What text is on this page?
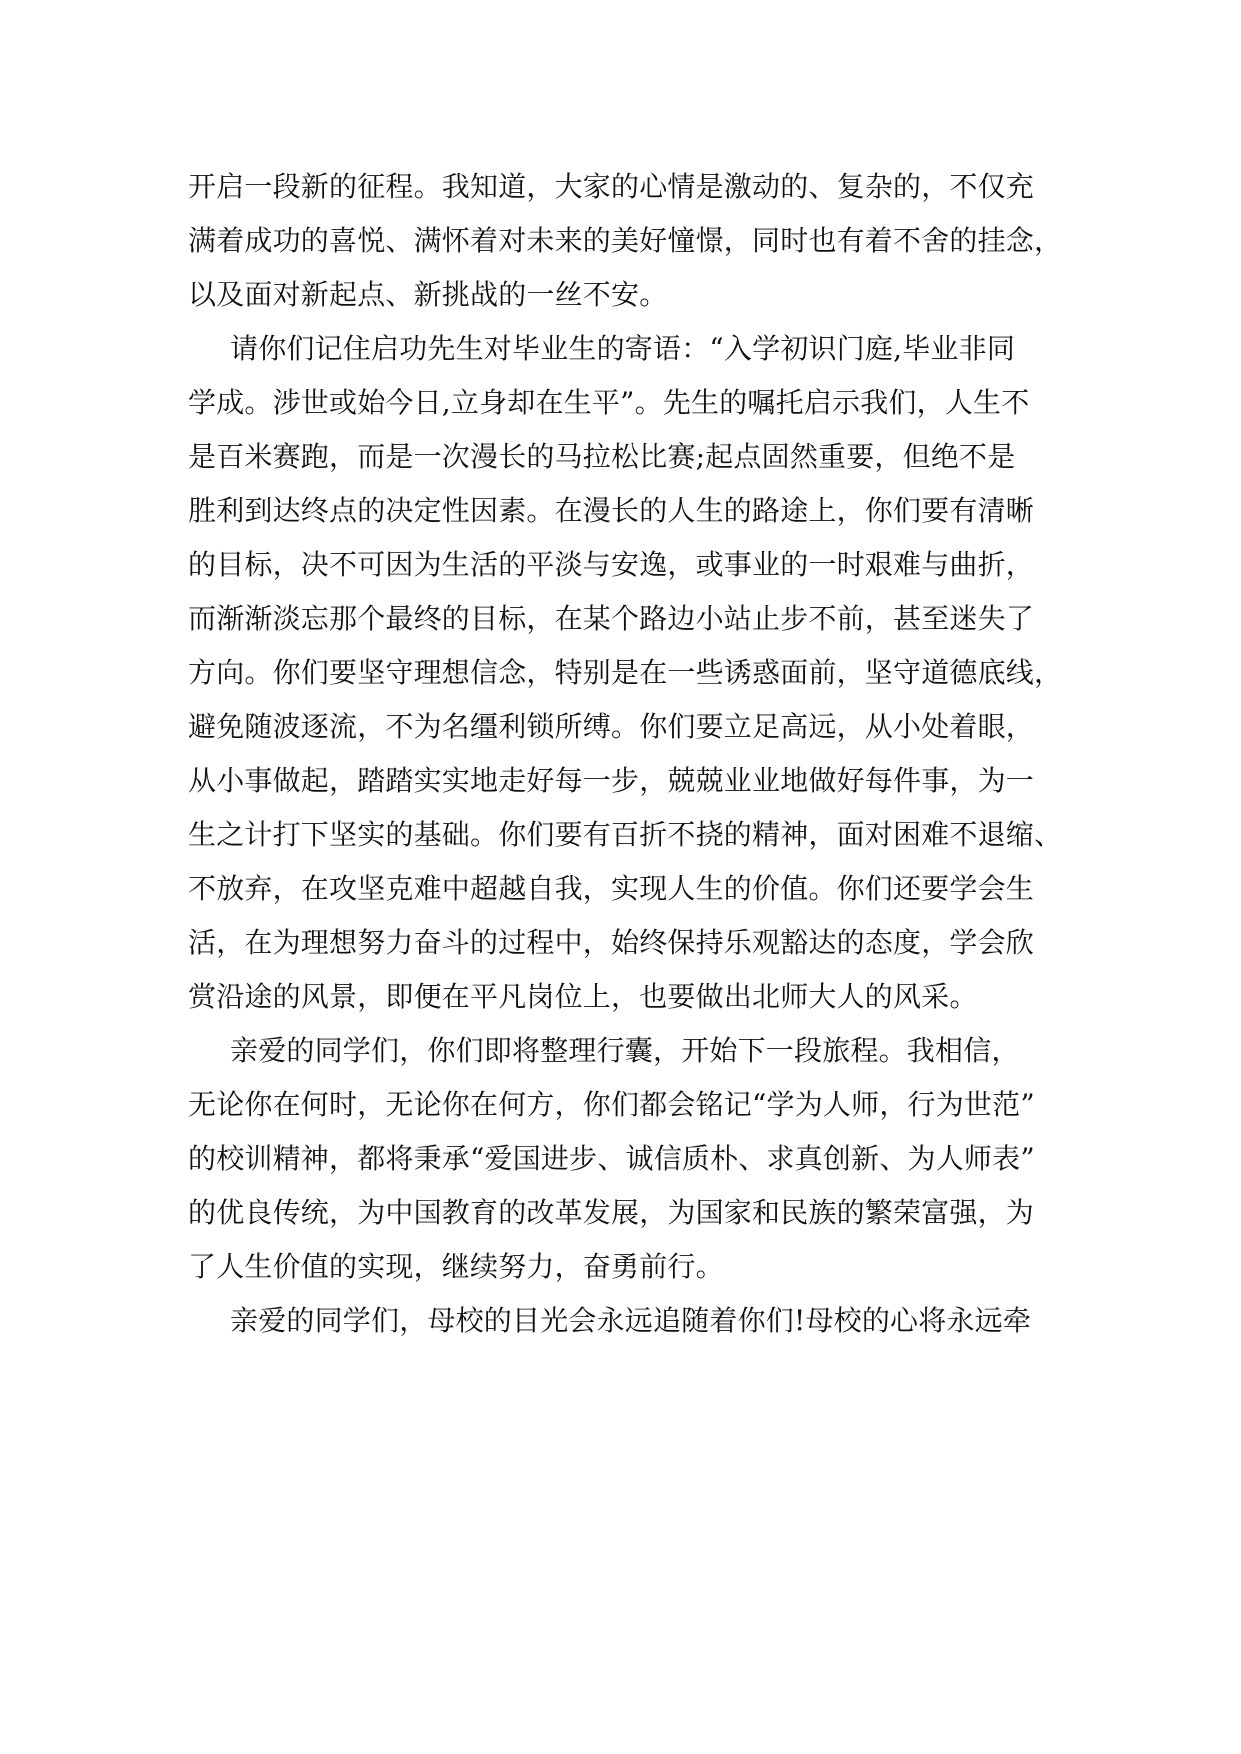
开启一段新的征程。我知道，大家的心情是激动的、复杂的，不仅充
满着成功的喜悦、满怀着对未来的美好憧憬，同时也有着不舍的挂念，
以及面对新起点、新挑战的一丝不安。
请你们记住启功先生对毕业生的寄语：“入学初识门庭,毕业非同
学成。涉世或始今日,立身却在生平”。先生的嘱托启示我们，人生不
是百米赛跑，而是一次漫长的马拉松比赛;起点固然重要，但绝不是
胜利到达终点的决定性因素。在漫长的人生的路途上，你们要有清晰
的目标，决不可因为生活的平淡与安逸，或事业的一时艰难与曲折，
而渐渐淡忘那个最终的目标，在某个路边小站止步不前，甚至迷失了
方向。你们要坚守理想信念，特别是在一些诱惑面前，坚守道德底线，
避免随波逐流，不为名缰利锁所缚。你们要立足高远，从小处着眼，
从小事做起，踏踏实实地走好每一步，兢兢业业地做好每件事，为一
生之计打下坚实的基础。你们要有百折不挠的精神，面对困难不退缩、
不放弃，在攻坚克难中超越自我，实现人生的价值。你们还要学会生
活，在为理想努力奋斗的过程中，始终保持乐观豁达的态度，学会欣
赏沿途的风景，即便在平凡岗位上，也要做出北师大人的风采。
亲爱的同学们，你们即将整理行囊，开始下一段旅程。我相信，
无论你在何时，无论你在何方，你们都会铭记“学为人师，行为世范”
的校训精神，都将秉承“爱国进步、诚信质朴、求真创新、为人师表”
的优良传统，为中国教育的改革发展，为国家和民族的繁荣富强，为
了人生价值的实现，继续努力，奋勇前行。
亲爱的同学们，母校的目光会永远追随着你们!母校的心将永远牵
